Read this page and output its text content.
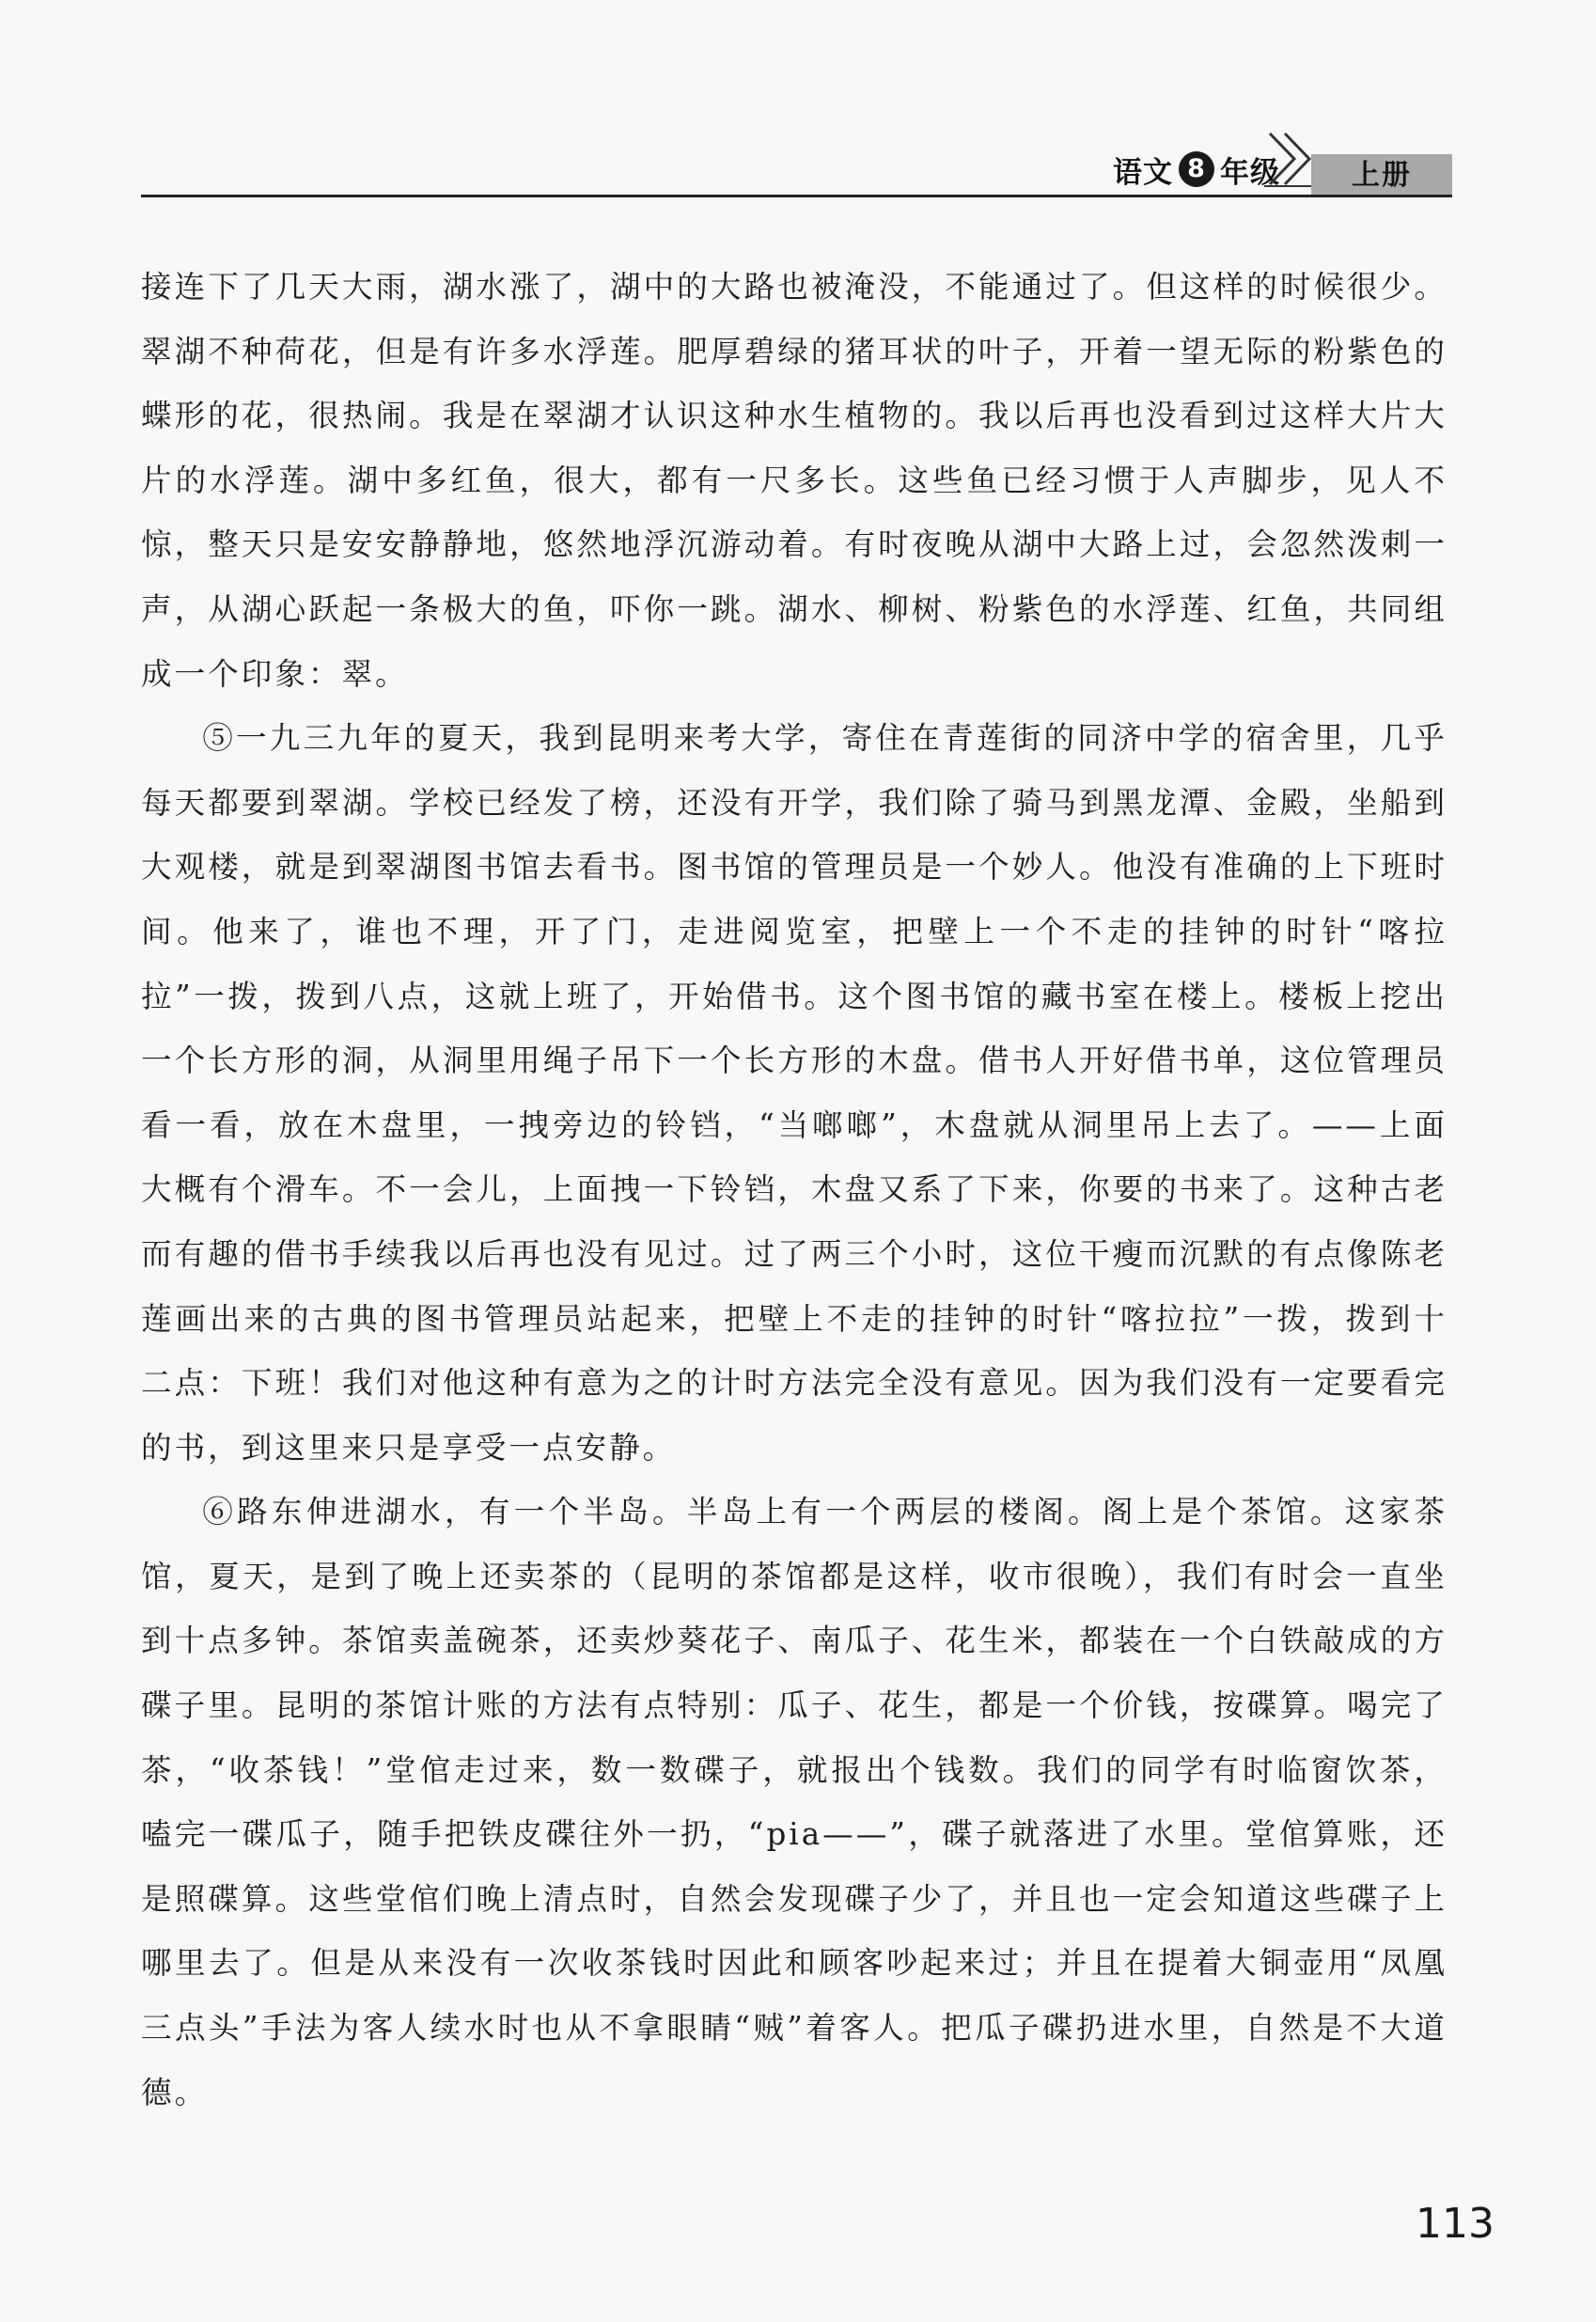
语文 8 年级	上册

接连下了几天大雨，湖水涨了，湖中的大路也被淹没，不能通过了。但这样的时候很少。翠湖不种荷花，但是有许多水浮莲。肥厚碧绿的猪耳状的叶子，开着一望无际的粉紫色的蝶形的花，很热闹。我是在翠湖才认识这种水生植物的。我以后再也没看到过这样大片大片的水浮莲。湖中多红鱼，很大，都有一尺多长。这些鱼已经习惯于人声脚步，见人不惊，整天只是安安静静地，悠然地浮沉游动着。有时夜晚从湖中大路上过，会忽然泼刺一声，从湖心跃起一条极大的鱼，吓你一跳。湖水、柳树、粉紫色的水浮莲、红鱼，共同组成一个印象：翠。

⑤一九三九年的夏天，我到昆明来考大学，寄住在青莲街的同济中学的宿舍里，几乎每天都要到翠湖。学校已经发了榜，还没有开学，我们除了骑马到黑龙潭、金殿，坐船到大观楼，就是到翠湖图书馆去看书。图书馆的管理员是一个妙人。他没有准确的上下班时间。他来了，谁也不理，开了门，走进阅览室，把壁上一个不走的挂钟的时针“喀拉拉”一拨，拨到八点，这就上班了，开始借书。这个图书馆的藏书室在楼上。楼板上挖出一个长方形的洞，从洞里用绳子吊下一个长方形的木盘。借书人开好借书单，这位管理员看一看，放在木盘里，一拽旁边的铃铛，“当啷啷”，木盘就从洞里吊上去了。——上面大概有个滑车。不一会儿，上面拽一下铃铛，木盘又系了下来，你要的书来了。这种古老而有趣的借书手续我以后再也没有见过。过了两三个小时，这位干瘦而沉默的有点像陈老莲画出来的古典的图书管理员站起来，把壁上不走的挂钟的时针“喀拉拉”一拨，拨到十二点：下班！我们对他这种有意为之的计时方法完全没有意见。因为我们没有一定要看完的书，到这里来只是享受一点安静。

⑥路东伸进湖水，有一个半岛。半岛上有一个两层的楼阁。阁上是个茶馆。这家茶馆，夏天，是到了晚上还卖茶的（昆明的茶馆都是这样，收市很晚），我们有时会一直坐到十点多钟。茶馆卖盖碗茶，还卖炒葵花子、南瓜子、花生米，都装在一个白铁敲成的方碟子里。昆明的茶馆计账的方法有点特别：瓜子、花生，都是一个价钱，按碟算。喝完了茶，“收茶钱！”堂倌走过来，数一数碟子，就报出个钱数。我们的同学有时临窗饮茶，嗑完一碟瓜子，随手把铁皮碟往外一扔，“pia——”，碟子就落进了水里。堂倌算账，还是照碟算。这些堂倌们晚上清点时，自然会发现碟子少了，并且也一定会知道这些碟子上哪里去了。但是从来没有一次收茶钱时因此和顾客吵起来过；并且在提着大铜壶用“凤凰三点头”手法为客人续水时也从不拿眼睛“贼”着客人。把瓜子碟扔进水里，自然是不大道德。

113
